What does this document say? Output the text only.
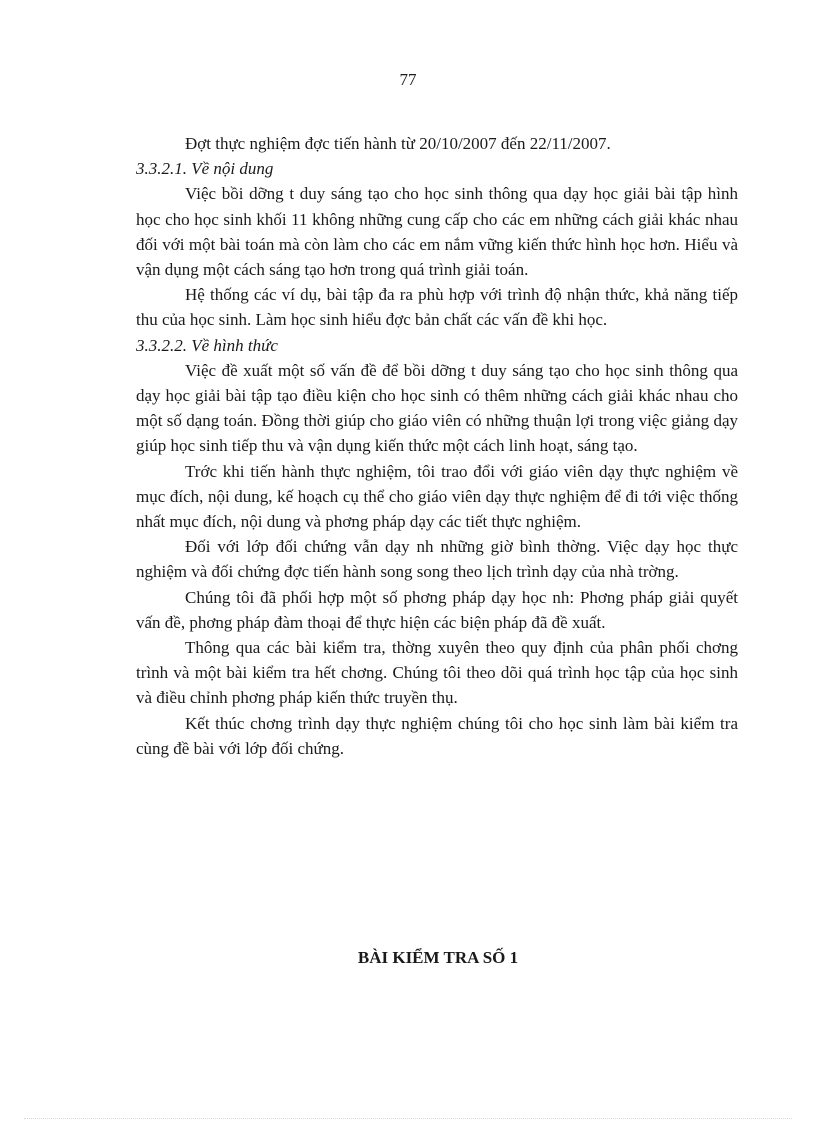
77

Đợt thực nghiệm đợc tiến hành từ 20/10/2007 đến 22/11/2007.

3.3.2.1. Về nội dung

Việc bồi dỡng t duy sáng tạo cho học sinh thông qua dạy học giải bài tập hình học cho học sinh khối 11 không những cung cấp cho các em những cách giải khác nhau đối với một bài toán mà còn làm cho các em nắm vững kiến thức hình học hơn. Hiểu và vận dụng một cách sáng tạo hơn trong quá trình giải toán.

Hệ thống các ví dụ, bài tập đa ra phù hợp với trình độ nhận thức, khả năng tiếp thu của học sinh. Làm học sinh hiểu đợc bản chất các vấn đề khi học.

3.3.2.2. Về hình thức

Việc đề xuất một số vấn đề để bồi dỡng t duy sáng tạo cho học sinh thông qua dạy học giải bài tập tạo điều kiện cho học sinh có thêm những cách giải khác nhau cho một số dạng toán. Đồng thời giúp cho giáo viên có những thuận lợi trong việc giảng dạy giúp học sinh tiếp thu và vận dụng kiến thức một cách linh hoạt, sáng tạo.

Trớc khi tiến hành thực nghiệm, tôi trao đổi với giáo viên dạy thực nghiệm về mục đích, nội dung, kế hoạch cụ thể cho giáo viên dạy thực nghiệm để đi tới việc thống nhất mục đích, nội dung và phơng pháp dạy các tiết thực nghiệm.

Đối với lớp đối chứng vẫn dạy nh những giờ bình thờng. Việc dạy học thực nghiệm và đối chứng đợc tiến hành song song theo lịch trình dạy của nhà trờng.

Chúng tôi đã phối hợp một số phơng pháp dạy học nh: Phơng pháp giải quyết vấn đề, phơng pháp đàm thoại để thực hiện các biện pháp đã đề xuất.

Thông qua các bài kiểm tra, thờng xuyên theo quy định của phân phối chơng trình và một bài kiểm tra hết chơng. Chúng tôi theo dõi quá trình học tập của học sinh và điều chỉnh phơng pháp kiến thức truyền thụ.

Kết thúc chơng trình dạy thực nghiệm chúng tôi cho học sinh làm bài kiểm tra cùng đề bài với lớp đối chứng.

BÀI KIỂM TRA SỐ 1
